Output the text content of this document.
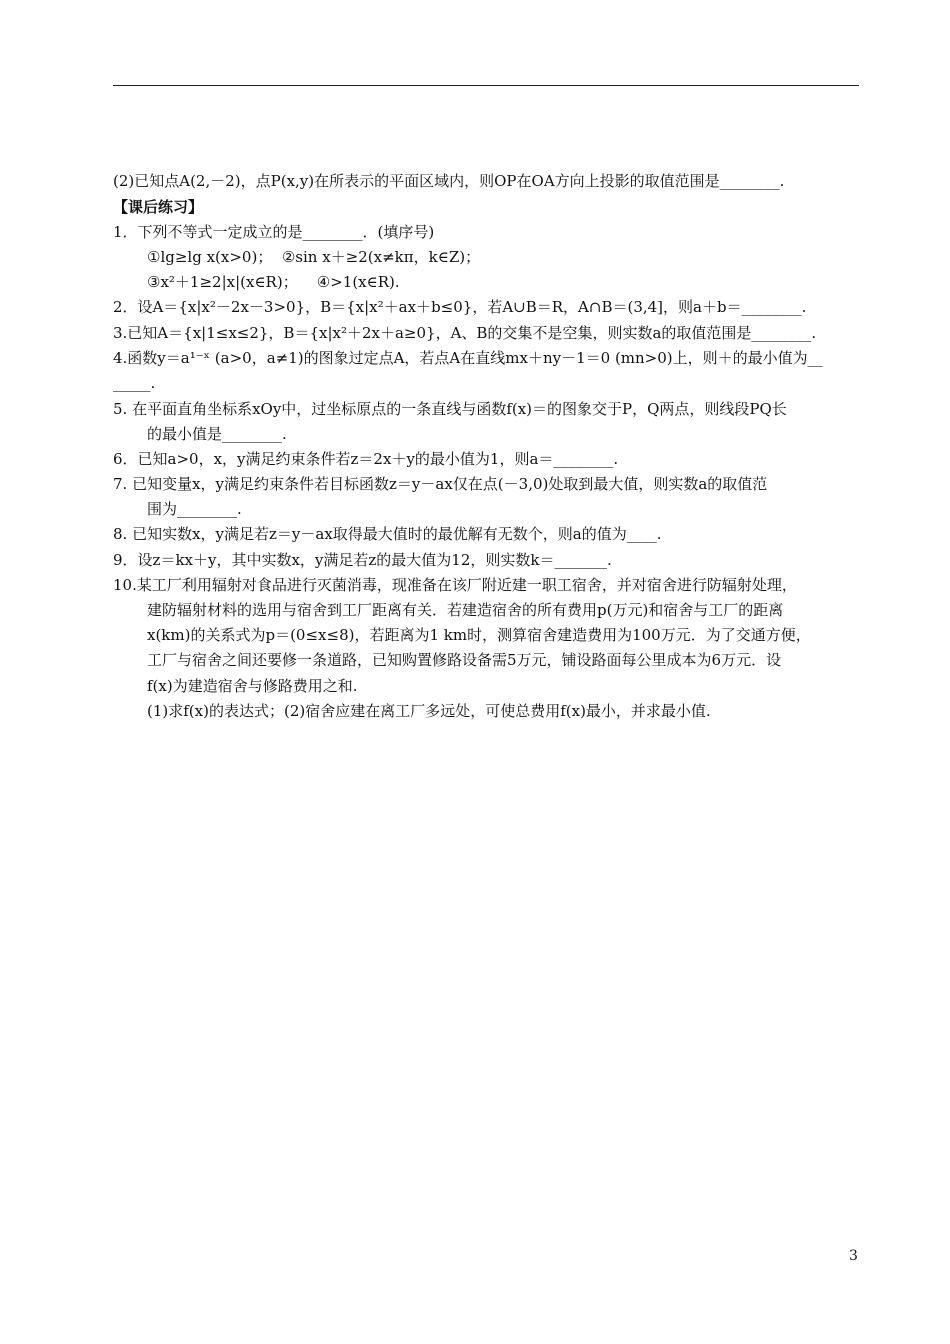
(2)已知点A(2,－2)，点P(x,y)在所表示的平面区域内，则OP在OA方向上投影的取值范围是________.
【课后练习】
1．下列不等式一定成立的是________．(填序号)
①lg≥lg x(x>0)；  ②sin x＋≥2(x≠kπ，k∈Z)；
③x²＋1≥2|x|(x∈R)；    ④>1(x∈R).
2．设A＝{x|x²－2x－3>0}，B＝{x|x²＋ax＋b≤0}，若A∪B＝R，A∩B＝(3,4]，则a＋b＝________.
3.已知A＝{x|1≤x≤2}，B＝{x|x²＋2x＋a≥0}，A、B的交集不是空集，则实数a的取值范围是________.
4.函数y＝a¹⁻ˣ (a>0，a≠1)的图象过定点A，若点A在直线mx＋ny－1＝0 (mn>0)上，则＋的最小值为__
_____.
5. 在平面直角坐标系xOy中，过坐标原点的一条直线与函数f(x)＝的图象交于P，Q两点，则线段PQ长
的最小值是________.
6．已知a>0，x，y满足约束条件若z＝2x＋y的最小值为1，则a＝________.
7. 已知变量x，y满足约束条件若目标函数z＝y－ax仅在点(－3,0)处取到最大值，则实数a的取值范
围为________.
8. 已知实数x，y满足若z＝y－ax取得最大值时的最优解有无数个，则a的值为____.
9．设z＝kx＋y，其中实数x，y满足若z的最大值为12，则实数k＝_______.
10.某工厂利用辐射对食品进行灭菌消毒，现准备在该厂附近建一职工宿舍，并对宿舍进行防辐射处理，
建防辐射材料的选用与宿舍到工厂距离有关．若建造宿舍的所有费用p(万元)和宿舍与工厂的距离
x(km)的关系式为p＝(0≤x≤8)，若距离为1 km时，测算宿舍建造费用为100万元．为了交通方便，
工厂与宿舍之间还要修一条道路，已知购置修路设备需5万元，铺设路面每公里成本为6万元．设
f(x)为建造宿舍与修路费用之和.
(1)求f(x)的表达式；(2)宿舍应建在离工厂多远处，可使总费用f(x)最小，并求最小值.
3
